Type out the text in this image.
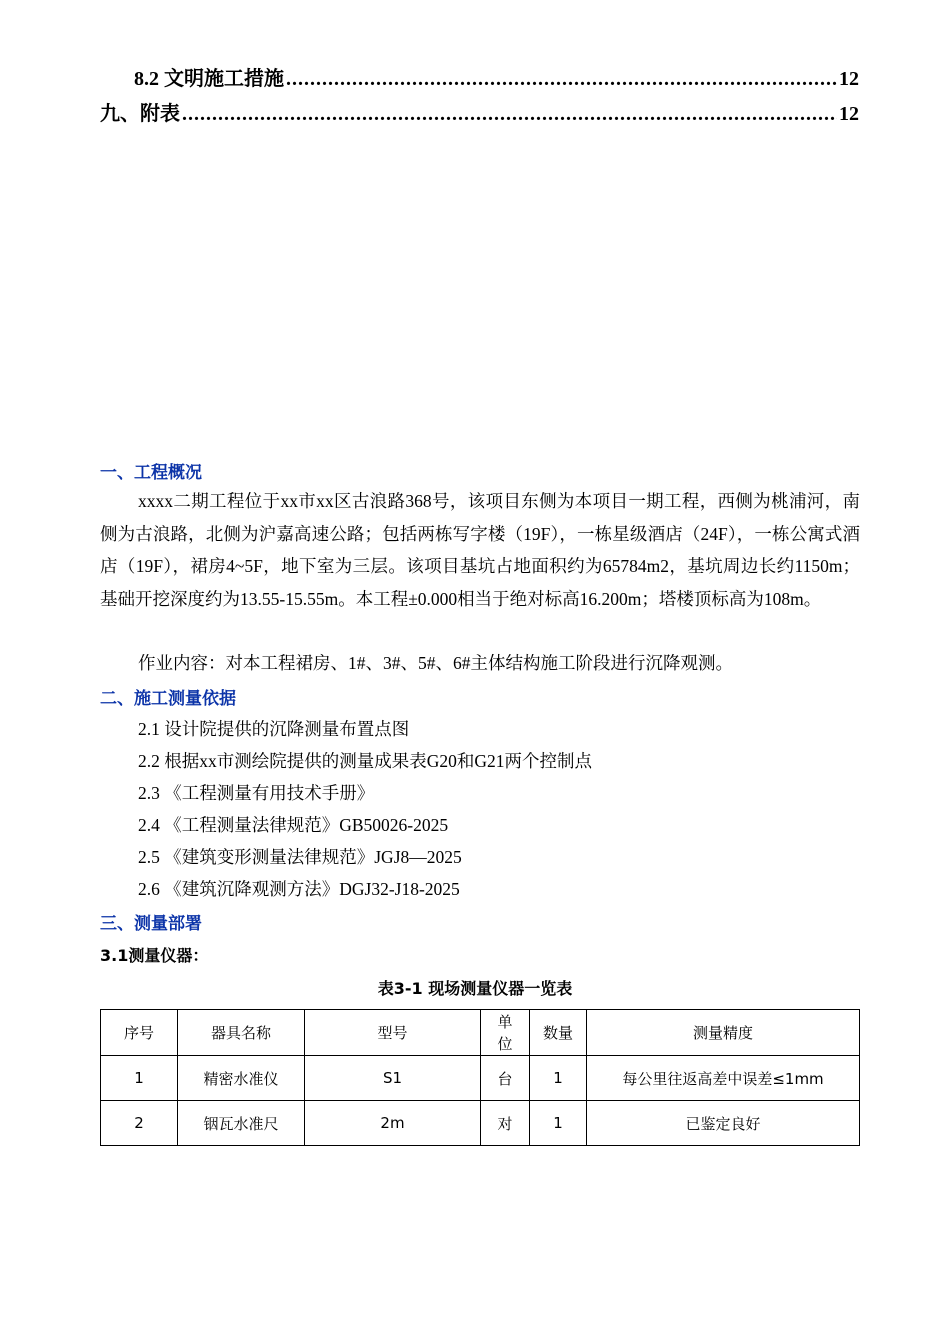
8.2 文明施工措施 .....	12
九、附表 .....	12
一、工程概况
xxxx二期工程位于xx市xx区古浪路368号，该项目东侧为本项目一期工程，西侧为桃浦河，南侧为古浪路，北侧为沪嘉高速公路；包括两栋写字楼（19F），一栋星级酒店（24F），一栋公寓式酒店（19F），裙房4~5F，地下室为三层。该项目基坑占地面积约为65784m2，基坑周边长约1150m；基础开挖深度约为13.55-15.55m。本工程±0.000相当于绝对标高16.200m；塔楼顶标高为108m。
作业内容：对本工程裙房、1#、3#、5#、6#主体结构施工阶段进行沉降观测。
二、施工测量依据
2.1 设计院提供的沉降测量布置点图
2.2 根据xx市测绘院提供的测量成果表G20和G21两个控制点
2.3 《工程测量有用技术手册》
2.4 《工程测量法律规范》GB50026-2025
2.5 《建筑变形测量法律规范》JGJ8—2025
2.6 《建筑沉降观测方法》DGJ32-J18-2025
三、测量部署
3.1测量仪器：
表3-1 现场测量仪器一览表
序号	器具名称	型号	单位	数量	测量精度
1	精密水准仪	S1	台	1	每公里往返高差中误差≤1mm
2	铟瓦水准尺	2m	对	1	已鉴定良好
